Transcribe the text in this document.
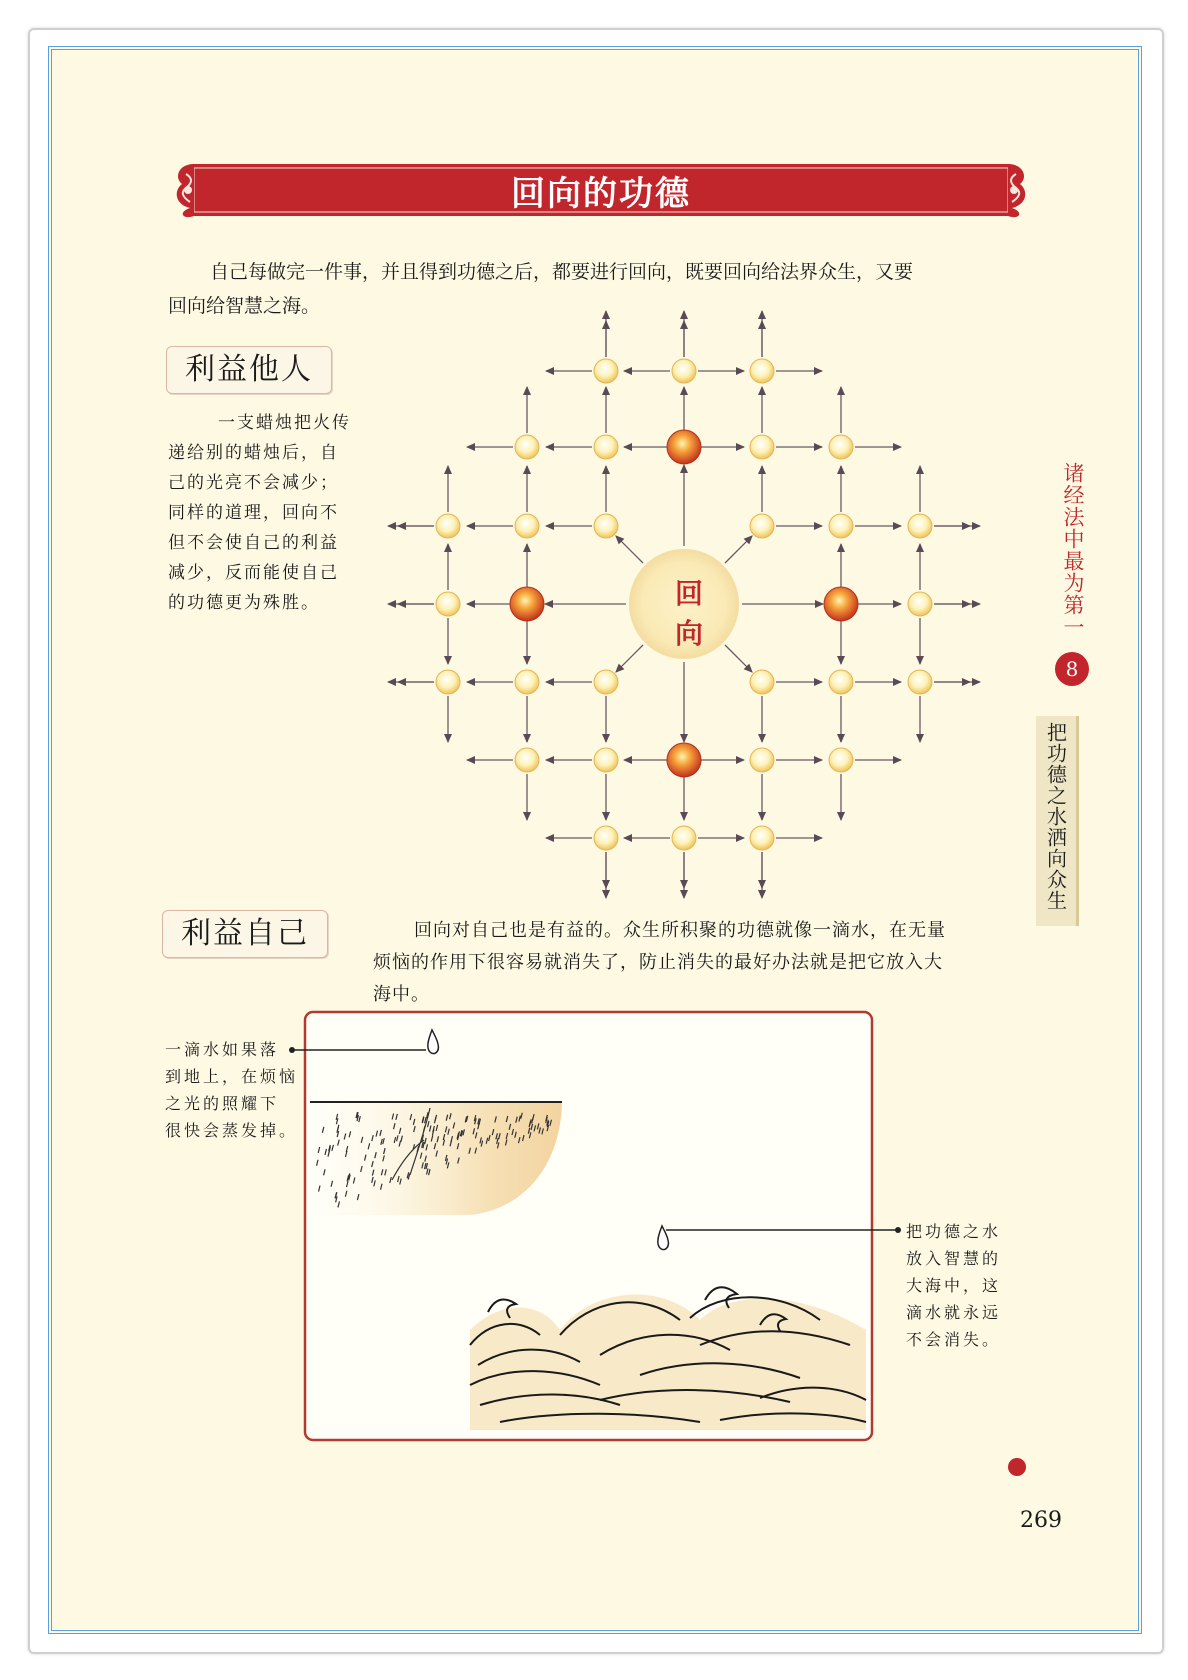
回向的功德
自己每做完一件事，并且得到功德之后，都要进行回向，既要回向给法界众生，又要
回向给智慧之海。
利益他人
一支蜡烛把火传
递给别的蜡烛后，自
己的光亮不会减少；
同样的道理，回向不
但不会使自己的利益
减少，反而能使自己
的功德更为殊胜。	回
向
利益自己	回向对自己也是有益的。众生所积聚的功德就像一滴水，在无量
烦恼的作用下很容易就消失了，防止消失的最好办法就是把它放入大
海中。
一滴水如果落
到地上，在烦恼
之光的照耀下
很快会蒸发掉。
把功德之水
放入智慧的
大海中，这
滴水就永远
不会消失。
诸经法中最为第一
8
把功德之水洒向众生
269
